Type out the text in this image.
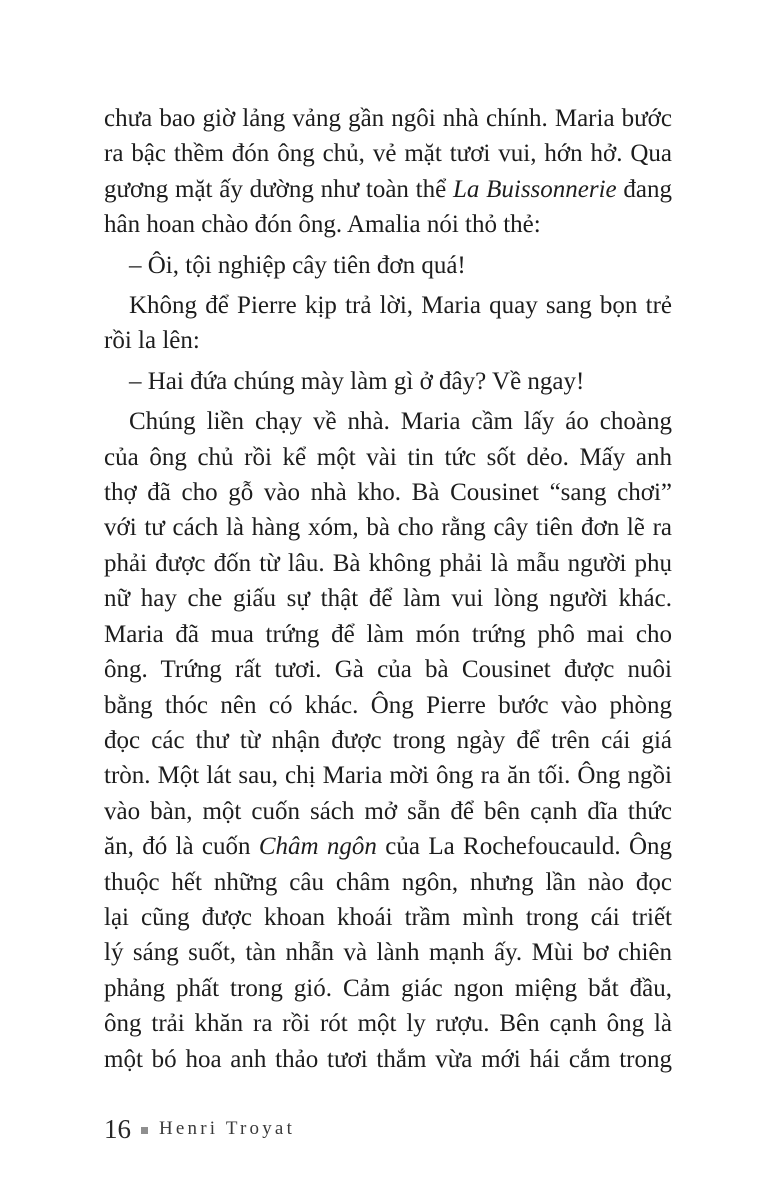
chưa bao giờ lảng vảng gần ngôi nhà chính. Maria bước
ra bậc thềm đón ông chủ, vẻ mặt tươi vui, hớn hở. Qua
gương mặt ấy dường như toàn thể La Buissonnerie đang
hân hoan chào đón ông. Amalia nói thỏ thẻ:

– Ôi, tội nghiệp cây tiên đơn quá!

Không để Pierre kịp trả lời, Maria quay sang bọn trẻ
rồi la lên:

– Hai đứa chúng mày làm gì ở đây? Về ngay!

Chúng liền chạy về nhà. Maria cầm lấy áo choàng
của ông chủ rồi kể một vài tin tức sốt dẻo. Mấy anh
thợ đã cho gỗ vào nhà kho. Bà Cousinet “sang chơi”
với tư cách là hàng xóm, bà cho rằng cây tiên đơn lẽ ra
phải được đốn từ lâu. Bà không phải là mẫu người phụ
nữ hay che giấu sự thật để làm vui lòng người khác.
Maria đã mua trứng để làm món trứng phô mai cho
ông. Trứng rất tươi. Gà của bà Cousinet được nuôi
bằng thóc nên có khác. Ông Pierre bước vào phòng
đọc các thư từ nhận được trong ngày để trên cái giá
tròn. Một lát sau, chị Maria mời ông ra ăn tối. Ông ngồi
vào bàn, một cuốn sách mở sẵn để bên cạnh dĩa thức
ăn, đó là cuốn Châm ngôn của La Rochefoucauld. Ông
thuộc hết những câu châm ngôn, nhưng lần nào đọc
lại cũng được khoan khoái trầm mình trong cái triết
lý sáng suốt, tàn nhẫn và lành mạnh ấy. Mùi bơ chiên
phảng phất trong gió. Cảm giác ngon miệng bắt đầu,
ông trải khăn ra rồi rót một ly rượu. Bên cạnh ông là
một bó hoa anh thảo tươi thắm vừa mới hái cắm trong

16 Henri Troyat
